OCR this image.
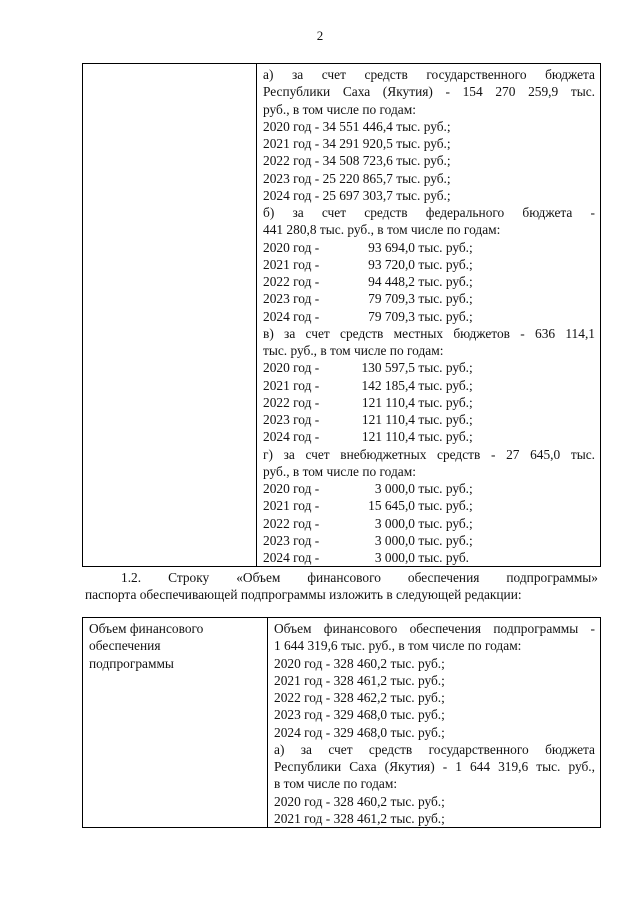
2

а) за счет средств государственного бюджета
Республики Саха (Якутия) - 154 270 259,9 тыс.
руб., в том числе по годам:
2020 год - 34 551 446,4 тыс. руб.;
2021 год - 34 291 920,5 тыс. руб.;
2022 год - 34 508 723,6 тыс. руб.;
2023 год - 25 220 865,7 тыс. руб.;
2024 год - 25 697 303,7 тыс. руб.;
б) за счет средств федерального бюджета -
441 280,8 тыс. руб., в том числе по годам:
2020 год -	93 694,0 тыс. руб.;
2021 год -	93 720,0 тыс. руб.;
2022 год -	94 448,2 тыс. руб.;
2023 год -	79 709,3 тыс. руб.;
2024 год -	79 709,3 тыс. руб.;
в) за счет средств местных бюджетов - 636 114,1
тыс. руб., в том числе по годам:
2020 год -	130 597,5 тыс. руб.;
2021 год -	142 185,4 тыс. руб.;
2022 год -	121 110,4 тыс. руб.;
2023 год -	121 110,4 тыс. руб.;
2024 год -	121 110,4 тыс. руб.;
г) за счет внебюджетных средств - 27 645,0 тыс.
руб., в том числе по годам:
2020 год -	3 000,0 тыс. руб.;
2021 год -	15 645,0 тыс. руб.;
2022 год -	3 000,0 тыс. руб.;
2023 год -	3 000,0 тыс. руб.;
2024 год -	3 000,0 тыс. руб.
1.2. Строку «Объем финансового обеспечения подпрограммы»
паспорта обеспечивающей подпрограммы изложить в следующей редакции:
Объем финансового
обеспечения
подпрограммы

Объем финансового обеспечения подпрограммы -
1 644 319,6 тыс. руб., в том числе по годам:
2020 год - 328 460,2 тыс. руб.;
2021 год - 328 461,2 тыс. руб.;
2022 год - 328 462,2 тыс. руб.;
2023 год - 329 468,0 тыс. руб.;
2024 год - 329 468,0 тыс. руб.;
а) за счет средств государственного бюджета
Республики Саха (Якутия) - 1 644 319,6 тыс. руб.,
в том числе по годам:
2020 год - 328 460,2 тыс. руб.;
2021 год - 328 461,2 тыс. руб.;
